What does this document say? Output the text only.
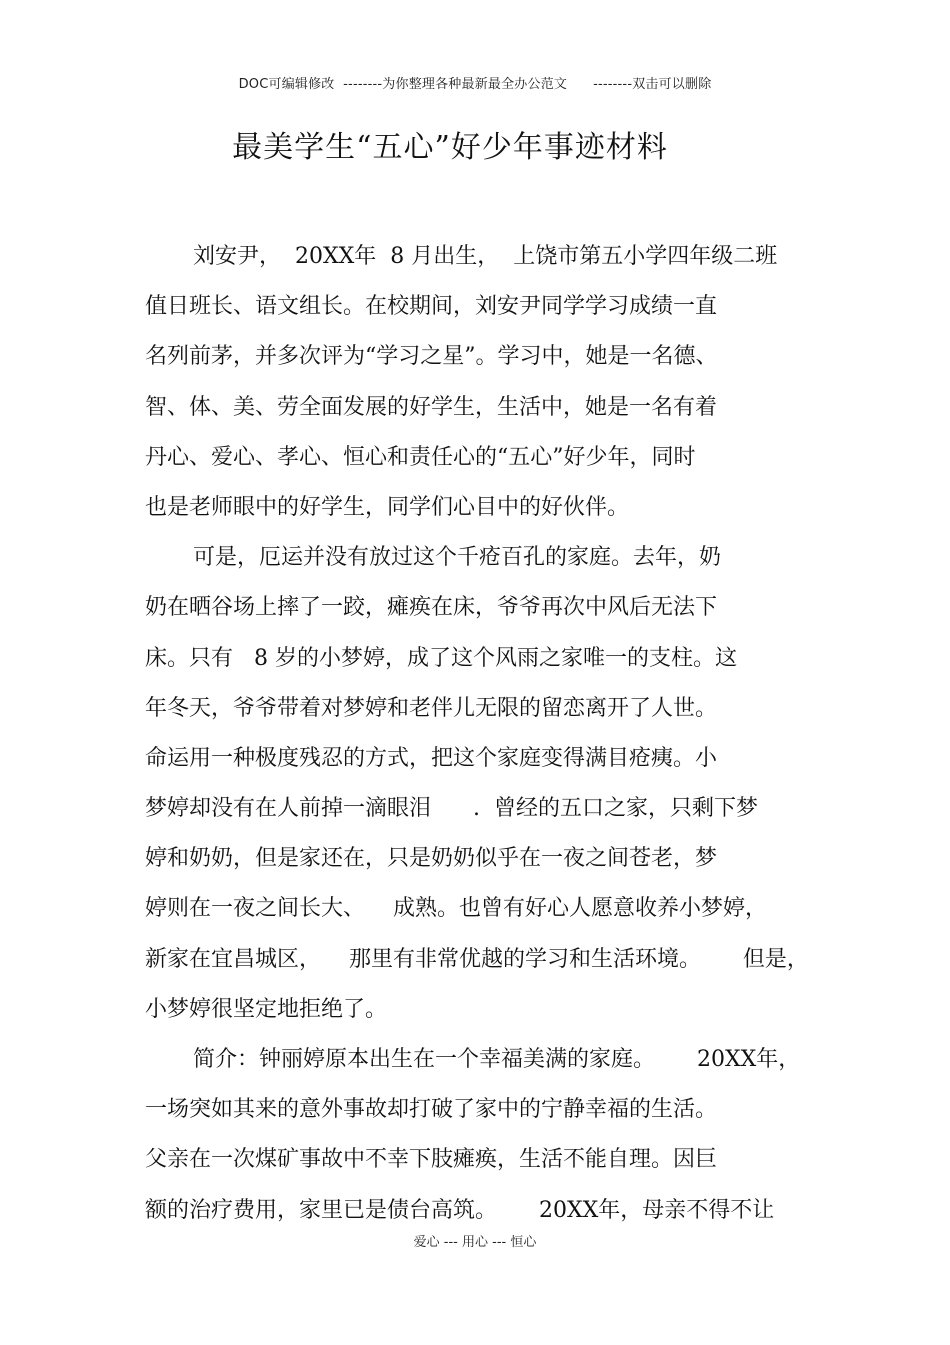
DOC可编辑修改  --------为你整理各种最新最全办公范文      --------双击可以删除
最美学生“五心”好少年事迹材料
刘安尹，  20XX年  8 月出生，  上饶市第五小学四年级二班
值日班长、语文组长。在校期间，刘安尹同学学习成绩一直
名列前茅，并多次评为“学习之星”。学习中，她是一名德、
智、体、美、劳全面发展的好学生，生活中，她是一名有着
丹心、爱心、孝心、恒心和责任心的“五心”好少年，同时
也是老师眼中的好学生，同学们心目中的好伙伴。
可是，厄运并没有放过这个千疮百孔的家庭。去年，奶
奶在晒谷场上摔了一跤，瘫痪在床，爷爷再次中风后无法下
床。只有   8 岁的小梦婷，成了这个风雨之家唯一的支柱。这
年冬天，爷爷带着对梦婷和老伴儿无限的留恋离开了人世。
命运用一种极度残忍的方式，把这个家庭变得满目疮痍。小
梦婷却没有在人前掉一滴眼泪      .  曾经的五口之家，只剩下梦
婷和奶奶，但是家还在，只是奶奶似乎在一夜之间苍老，梦
婷则在一夜之间长大、    成熟。也曾有好心人愿意收养小梦婷，
新家在宜昌城区，    那里有非常优越的学习和生活环境。      但是，
小梦婷很坚定地拒绝了。
简介：钟丽婷原本出生在一个幸福美满的家庭。      20XX年，
一场突如其来的意外事故却打破了家中的宁静幸福的生活。
父亲在一次煤矿事故中不幸下肢瘫痪，生活不能自理。因巨
额的治疗费用，家里已是债台高筑。      20XX年，母亲不得不让
爱心 --- 用心 --- 恒心
